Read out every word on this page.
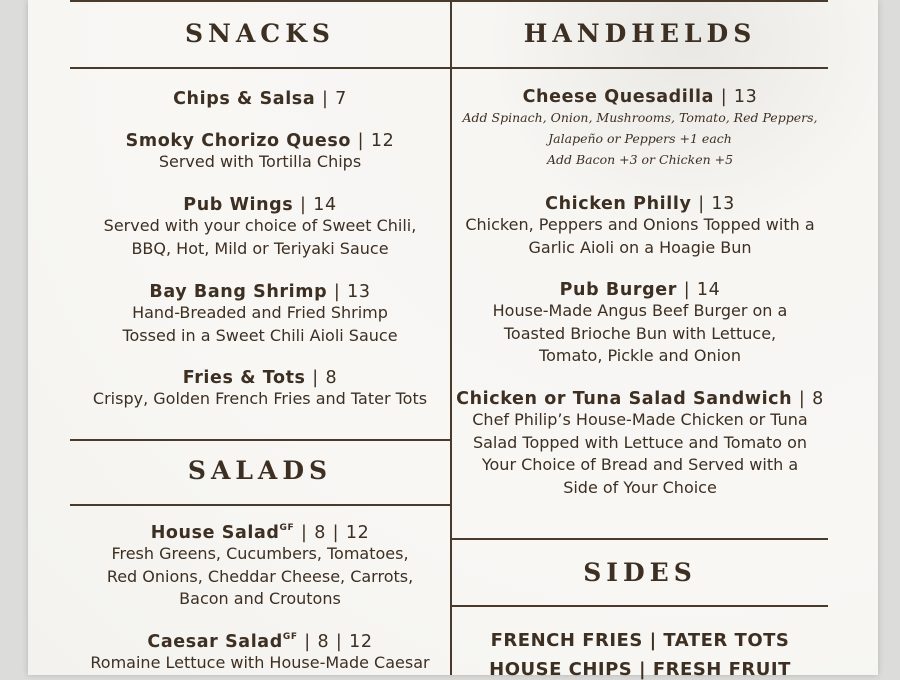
SNACKS	HANDHELDS
SALADS
SIDES
Chips & Salsa | 7
Smoky Chorizo Queso | 12
Served with Tortilla Chips
Pub Wings | 14
Served with your choice of Sweet Chili,
BBQ, Hot, Mild or Teriyaki Sauce
Bay Bang Shrimp | 13
Hand-Breaded and Fried Shrimp
Tossed in a Sweet Chili Aioli Sauce
Fries & Tots | 8
Crispy, Golden French Fries and Tater Tots
House Salad$^{GF}$ | 8 | 12
Fresh Greens, Cucumbers, Tomatoes,
Red Onions, Cheddar Cheese, Carrots,
Bacon and Croutons
Caesar Salad$^{GF}$ | 8 | 12
Romaine Lettuce with House-Made Caesar
Cheese Quesadilla | 13
Add Spinach, Onion, Mushrooms, Tomato, Red Peppers,
Jalapeño or Peppers +1 each
Add Bacon +3 or Chicken +5
Chicken Philly | 13
Chicken, Peppers and Onions Topped with a
Garlic Aioli on a Hoagie Bun
Pub Burger | 14
House-Made Angus Beef Burger on a
Toasted Brioche Bun with Lettuce,
Tomato, Pickle and Onion
Chicken or Tuna Salad Sandwich | 8
Chef Philip’s House-Made Chicken or Tuna
Salad Topped with Lettuce and Tomato on
Your Choice of Bread and Served with a
Side of Your Choice
FRENCH FRIES | TATER TOTS
HOUSE CHIPS | FRESH FRUIT
